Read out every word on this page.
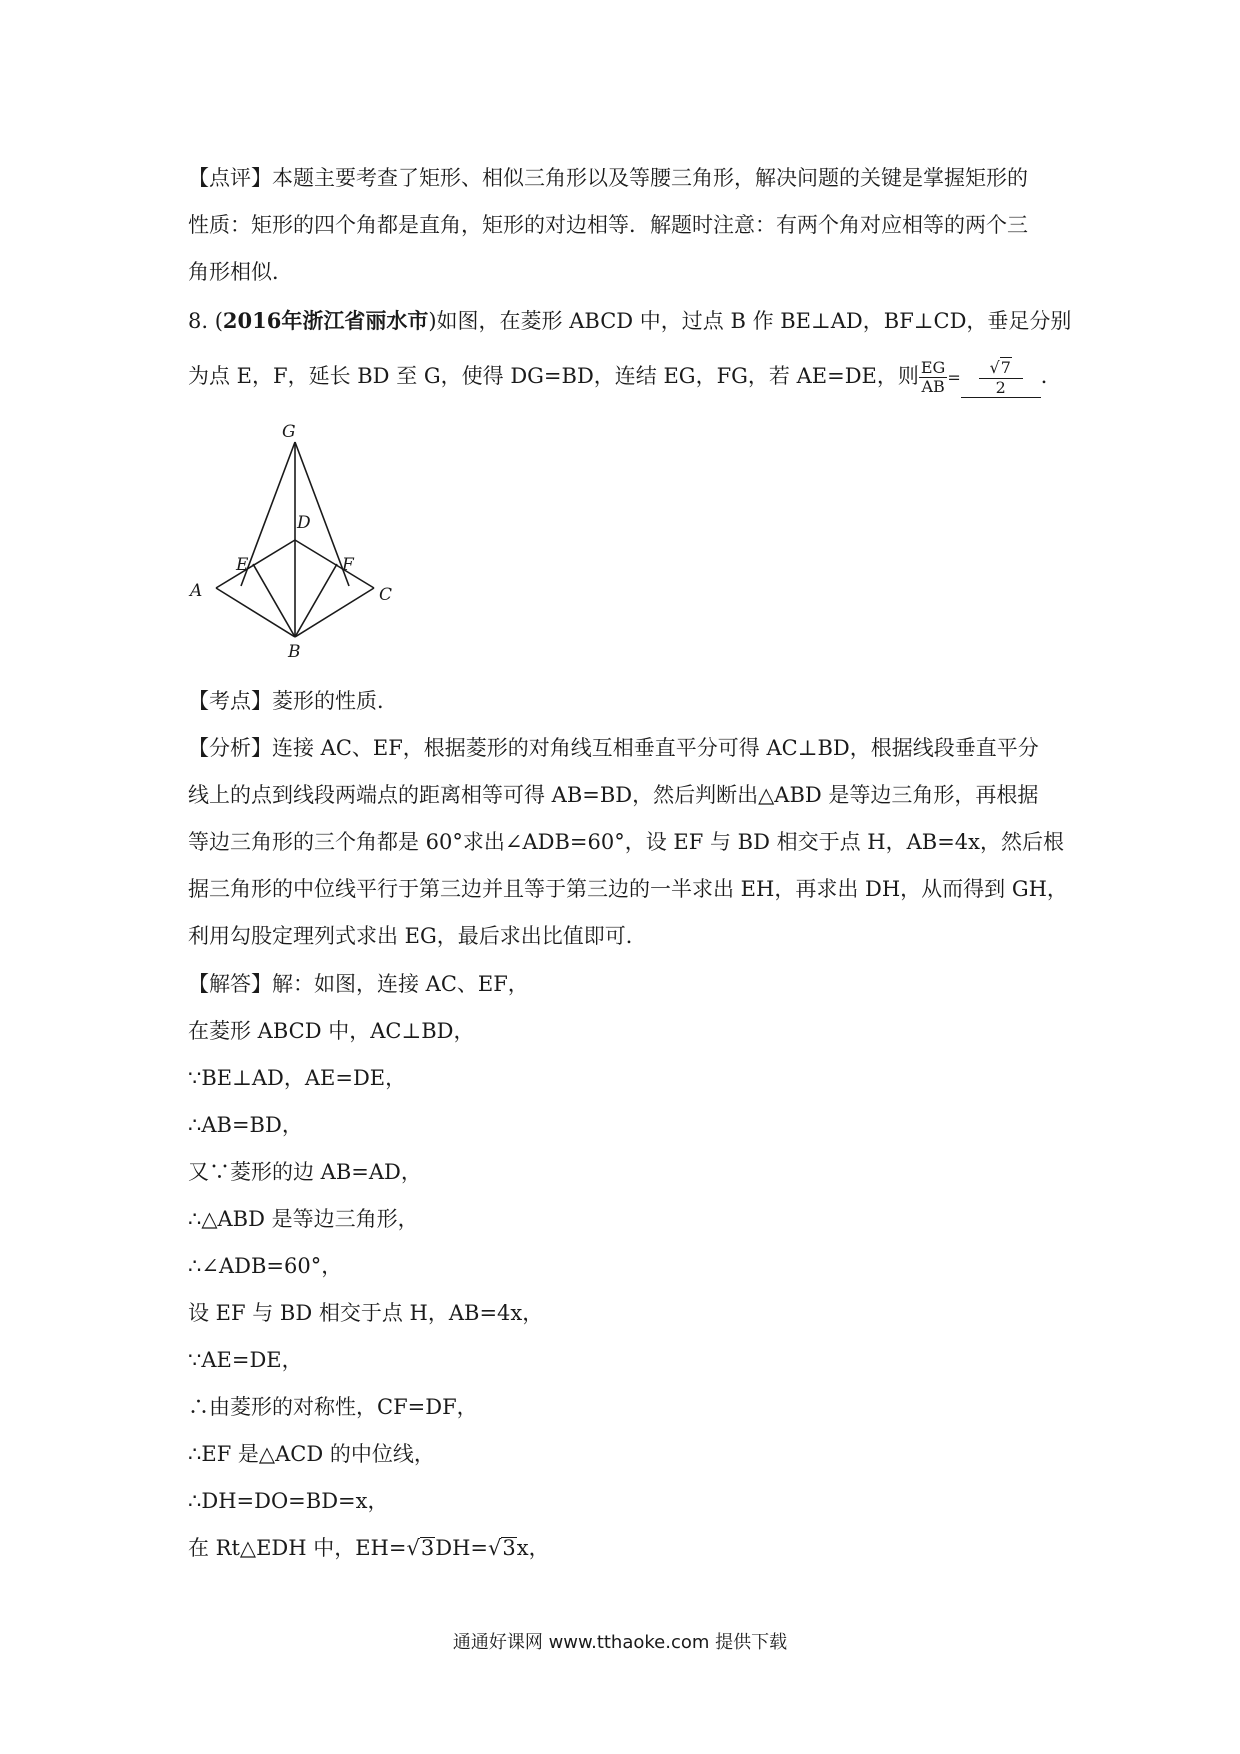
【点评】本题主要考查了矩形、相似三角形以及等腰三角形，解决问题的关键是掌握矩形的
性质：矩形的四个角都是直角，矩形的对边相等．解题时注意：有两个角对应相等的两个三
角形相似．
8. (2016年浙江省丽水市)如图，在菱形 ABCD 中，过点 B 作 BE⊥AD，BF⊥CD，垂足分别
为点 E，F，延长 BD 至 G，使得 DG=BD，连结 EG，FG，若 AE=DE，则 $\frac{EG}{AB} = \frac{√7}{2}$ ．
G
D
E	F
A	C
B
【考点】菱形的性质．
【分析】连接 AC、EF，根据菱形的对角线互相垂直平分可得 AC⊥BD，根据线段垂直平分
线上的点到线段两端点的距离相等可得 AB=BD，然后判断出△ABD 是等边三角形，再根据
等边三角形的三个角都是 60°求出∠ADB=60°，设 EF 与 BD 相交于点 H，AB=4x，然后根
据三角形的中位线平行于第三边并且等于第三边的一半求出 EH，再求出 DH，从而得到 GH，
利用勾股定理列式求出 EG，最后求出比值即可．
【解答】解：如图，连接 AC、EF，
在菱形 ABCD 中，AC⊥BD，
∵BE⊥AD，AE=DE，
∴AB=BD，
又∵菱形的边 AB=AD，
∴△ABD 是等边三角形，
∴∠ADB=60°，
设 EF 与 BD 相交于点 H，AB=4x，
∵AE=DE，
∴由菱形的对称性，CF=DF，
∴EF 是△ACD 的中位线，
∴DH=DO=BD=x，
在 Rt△EDH 中，EH=√3DH=√3x，
通通好课网 www.tthaoke.com 提供下载
